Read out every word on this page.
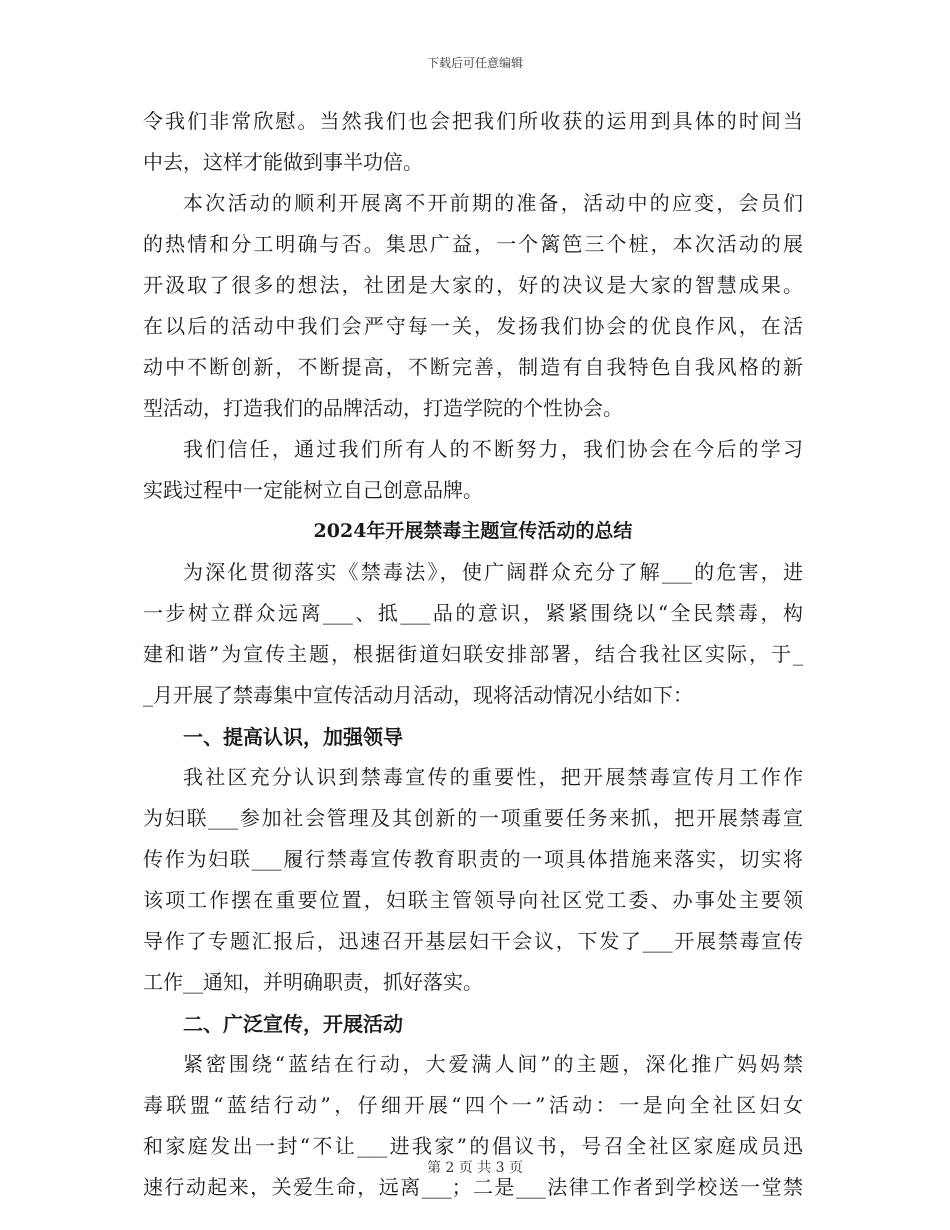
下载后可任意编辑
令我们非常欣慰。当然我们也会把我们所收获的运用到具体的时间当
中去，这样才能做到事半功倍。
本次活动的顺利开展离不开前期的准备，活动中的应变，会员们
的热情和分工明确与否。集思广益，一个篱笆三个桩，本次活动的展
开汲取了很多的想法，社团是大家的，好的决议是大家的智慧成果。
在以后的活动中我们会严守每一关，发扬我们协会的优良作风，在活
动中不断创新，不断提高，不断完善，制造有自我特色自我风格的新
型活动，打造我们的品牌活动，打造学院的个性协会。
我们信任，通过我们所有人的不断努力，我们协会在今后的学习
实践过程中一定能树立自己创意品牌。
2024年开展禁毒主题宣传活动的总结
为深化贯彻落实《禁毒法》，使广阔群众充分了解___的危害，进
一步树立群众远离___、抵___品的意识，紧紧围绕以“全民禁毒，构
建和谐”为宣传主题，根据街道妇联安排部署，结合我社区实际，于_
_月开展了禁毒集中宣传活动月活动，现将活动情况小结如下：
一、提高认识，加强领导
我社区充分认识到禁毒宣传的重要性，把开展禁毒宣传月工作作
为妇联___参加社会管理及其创新的一项重要任务来抓，把开展禁毒宣
传作为妇联___履行禁毒宣传教育职责的一项具体措施来落实，切实将
该项工作摆在重要位置，妇联主管领导向社区党工委、办事处主要领
导作了专题汇报后，迅速召开基层妇干会议，下发了___开展禁毒宣传
工作__通知，并明确职责，抓好落实。
二、广泛宣传，开展活动
紧密围绕“蓝结在行动，大爱满人间”的主题，深化推广妈妈禁
毒联盟“蓝结行动”，仔细开展“四个一”活动：一是向全社区妇女
和家庭发出一封“不让___进我家”的倡议书，号召全社区家庭成员迅
速行动起来，关爱生命，远离___；二是___法律工作者到学校送一堂禁
第 2 页 共 3 页
